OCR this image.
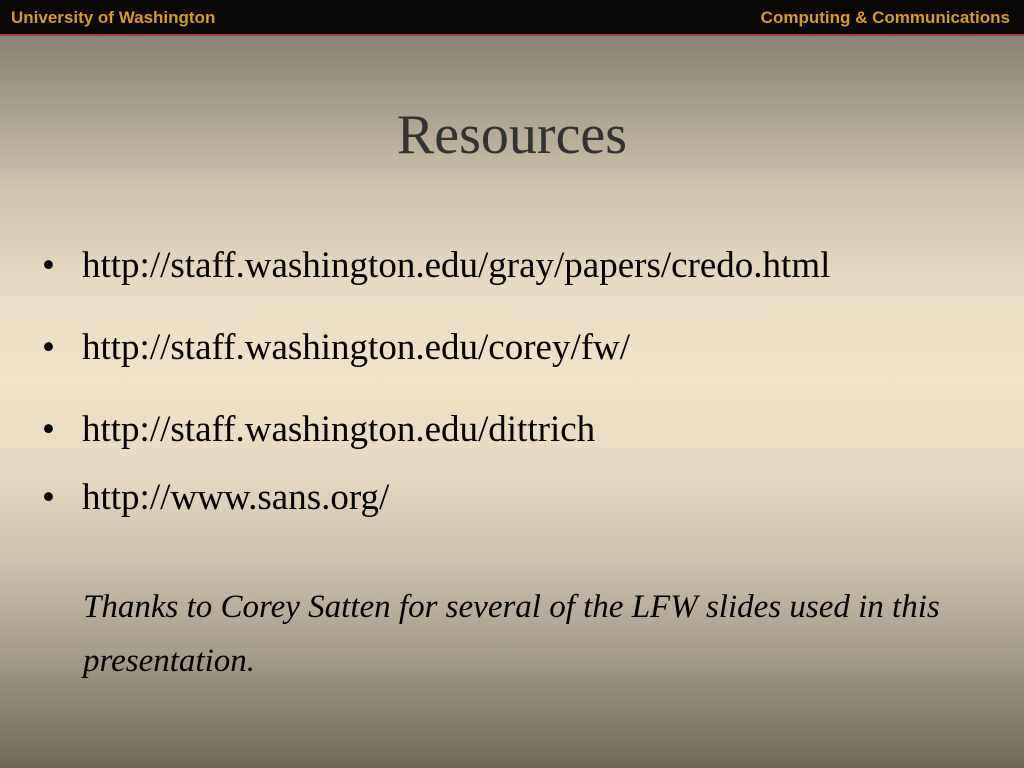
University of Washington	Computing & Communications
Resources
• http://staff.washington.edu/gray/papers/credo.html
• http://staff.washington.edu/corey/fw/
• http://staff.washington.edu/dittrich
• http://www.sans.org/
Thanks to Corey Satten for several of the LFW slides used in this presentation.
